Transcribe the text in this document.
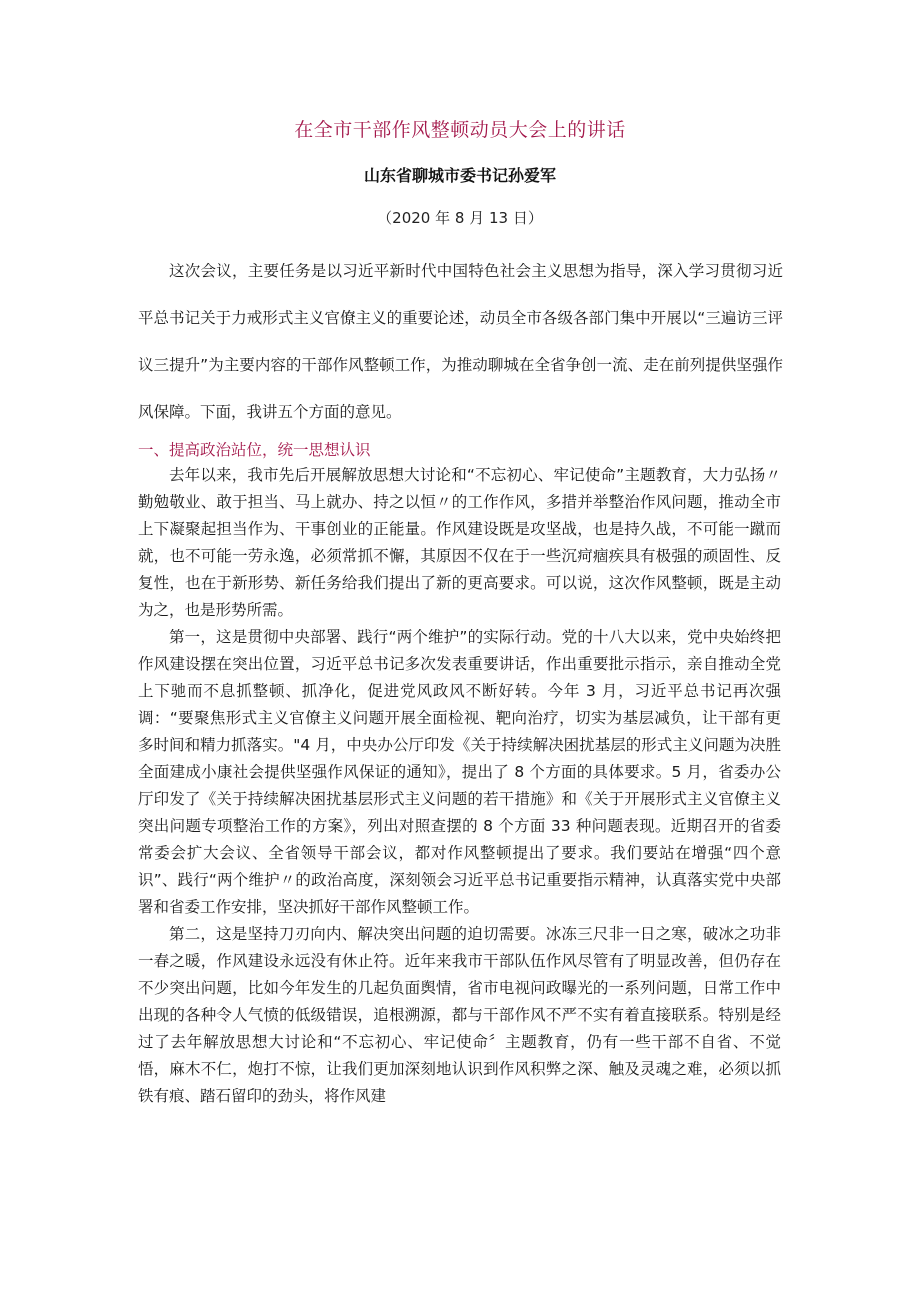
在全市干部作风整顿动员大会上的讲话
山东省聊城市委书记孙爱军
（2020 年 8 月 13 日）

这次会议，主要任务是以习近平新时代中国特色社会主义思想为指导，深入学习贯彻习近平总书记关于力戒形式主义官僚主义的重要论述，动员全市各级各部门集中开展以“三遍访三评议三提升”为主要内容的干部作风整顿工作，为推动聊城在全省争创一流、走在前列提供坚强作风保障。下面，我讲五个方面的意见。

一、提高政治站位，统一思想认识

去年以来，我市先后开展解放思想大讨论和“不忘初心、牢记使命”主题教育，大力弘扬〃勤勉敬业、敢于担当、马上就办、持之以恒〃的工作作风，多措并举整治作风问题，推动全市上下凝聚起担当作为、干事创业的正能量。作风建设既是攻坚战，也是持久战，不可能一蹴而就，也不可能一劳永逸，必须常抓不懈，其原因不仅在于一些沉疴痼疾具有极强的顽固性、反复性，也在于新形势、新任务给我们提出了新的更高要求。可以说，这次作风整顿，既是主动为之，也是形势所需。

第一，这是贯彻中央部署、践行“两个维护”的实际行动。党的十八大以来，党中央始终把作风建设摆在突出位置，习近平总书记多次发表重要讲话，作出重要批示指示，亲自推动全党上下驰而不息抓整顿、抓净化，促进党风政风不断好转。今年 3 月，习近平总书记再次强调：“要聚焦形式主义官僚主义问题开展全面检视、靶向治疗，切实为基层减负，让干部有更多时间和精力抓落实。"4 月，中央办公厅印发《关于持续解决困扰基层的形式主义问题为决胜全面建成小康社会提供坚强作风保证的通知》，提出了 8 个方面的具体要求。5 月，省委办公厅印发了《关于持续解决困扰基层形式主义问题的若干措施》和《关于开展形式主义官僚主义突出问题专项整治工作的方案》，列出对照查摆的 8 个方面 33 种问题表现。近期召开的省委常委会扩大会议、全省领导干部会议，都对作风整顿提出了要求。我们要站在增强“四个意识”、践行“两个维护〃的政治高度，深刻领会习近平总书记重要指示精神，认真落实党中央部署和省委工作安排，坚决抓好干部作风整顿工作。

第二，这是坚持刀刃向内、解决突出问题的迫切需要。冰冻三尺非一日之寒，破冰之功非一春之暖，作风建设永远没有休止符。近年来我市干部队伍作风尽管有了明显改善，但仍存在不少突出问题，比如今年发生的几起负面舆情，省市电视问政曝光的一系列问题，日常工作中出现的各种令人气愤的低级错误，追根溯源，都与干部作风不严不实有着直接联系。特别是经过了去年解放思想大讨论和“不忘初心、牢记使命〞主题教育，仍有一些干部不自省、不觉悟，麻木不仁，炮打不惊，让我们更加深刻地认识到作风积弊之深、触及灵魂之难，必须以抓铁有痕、踏石留印的劲头，将作风建
